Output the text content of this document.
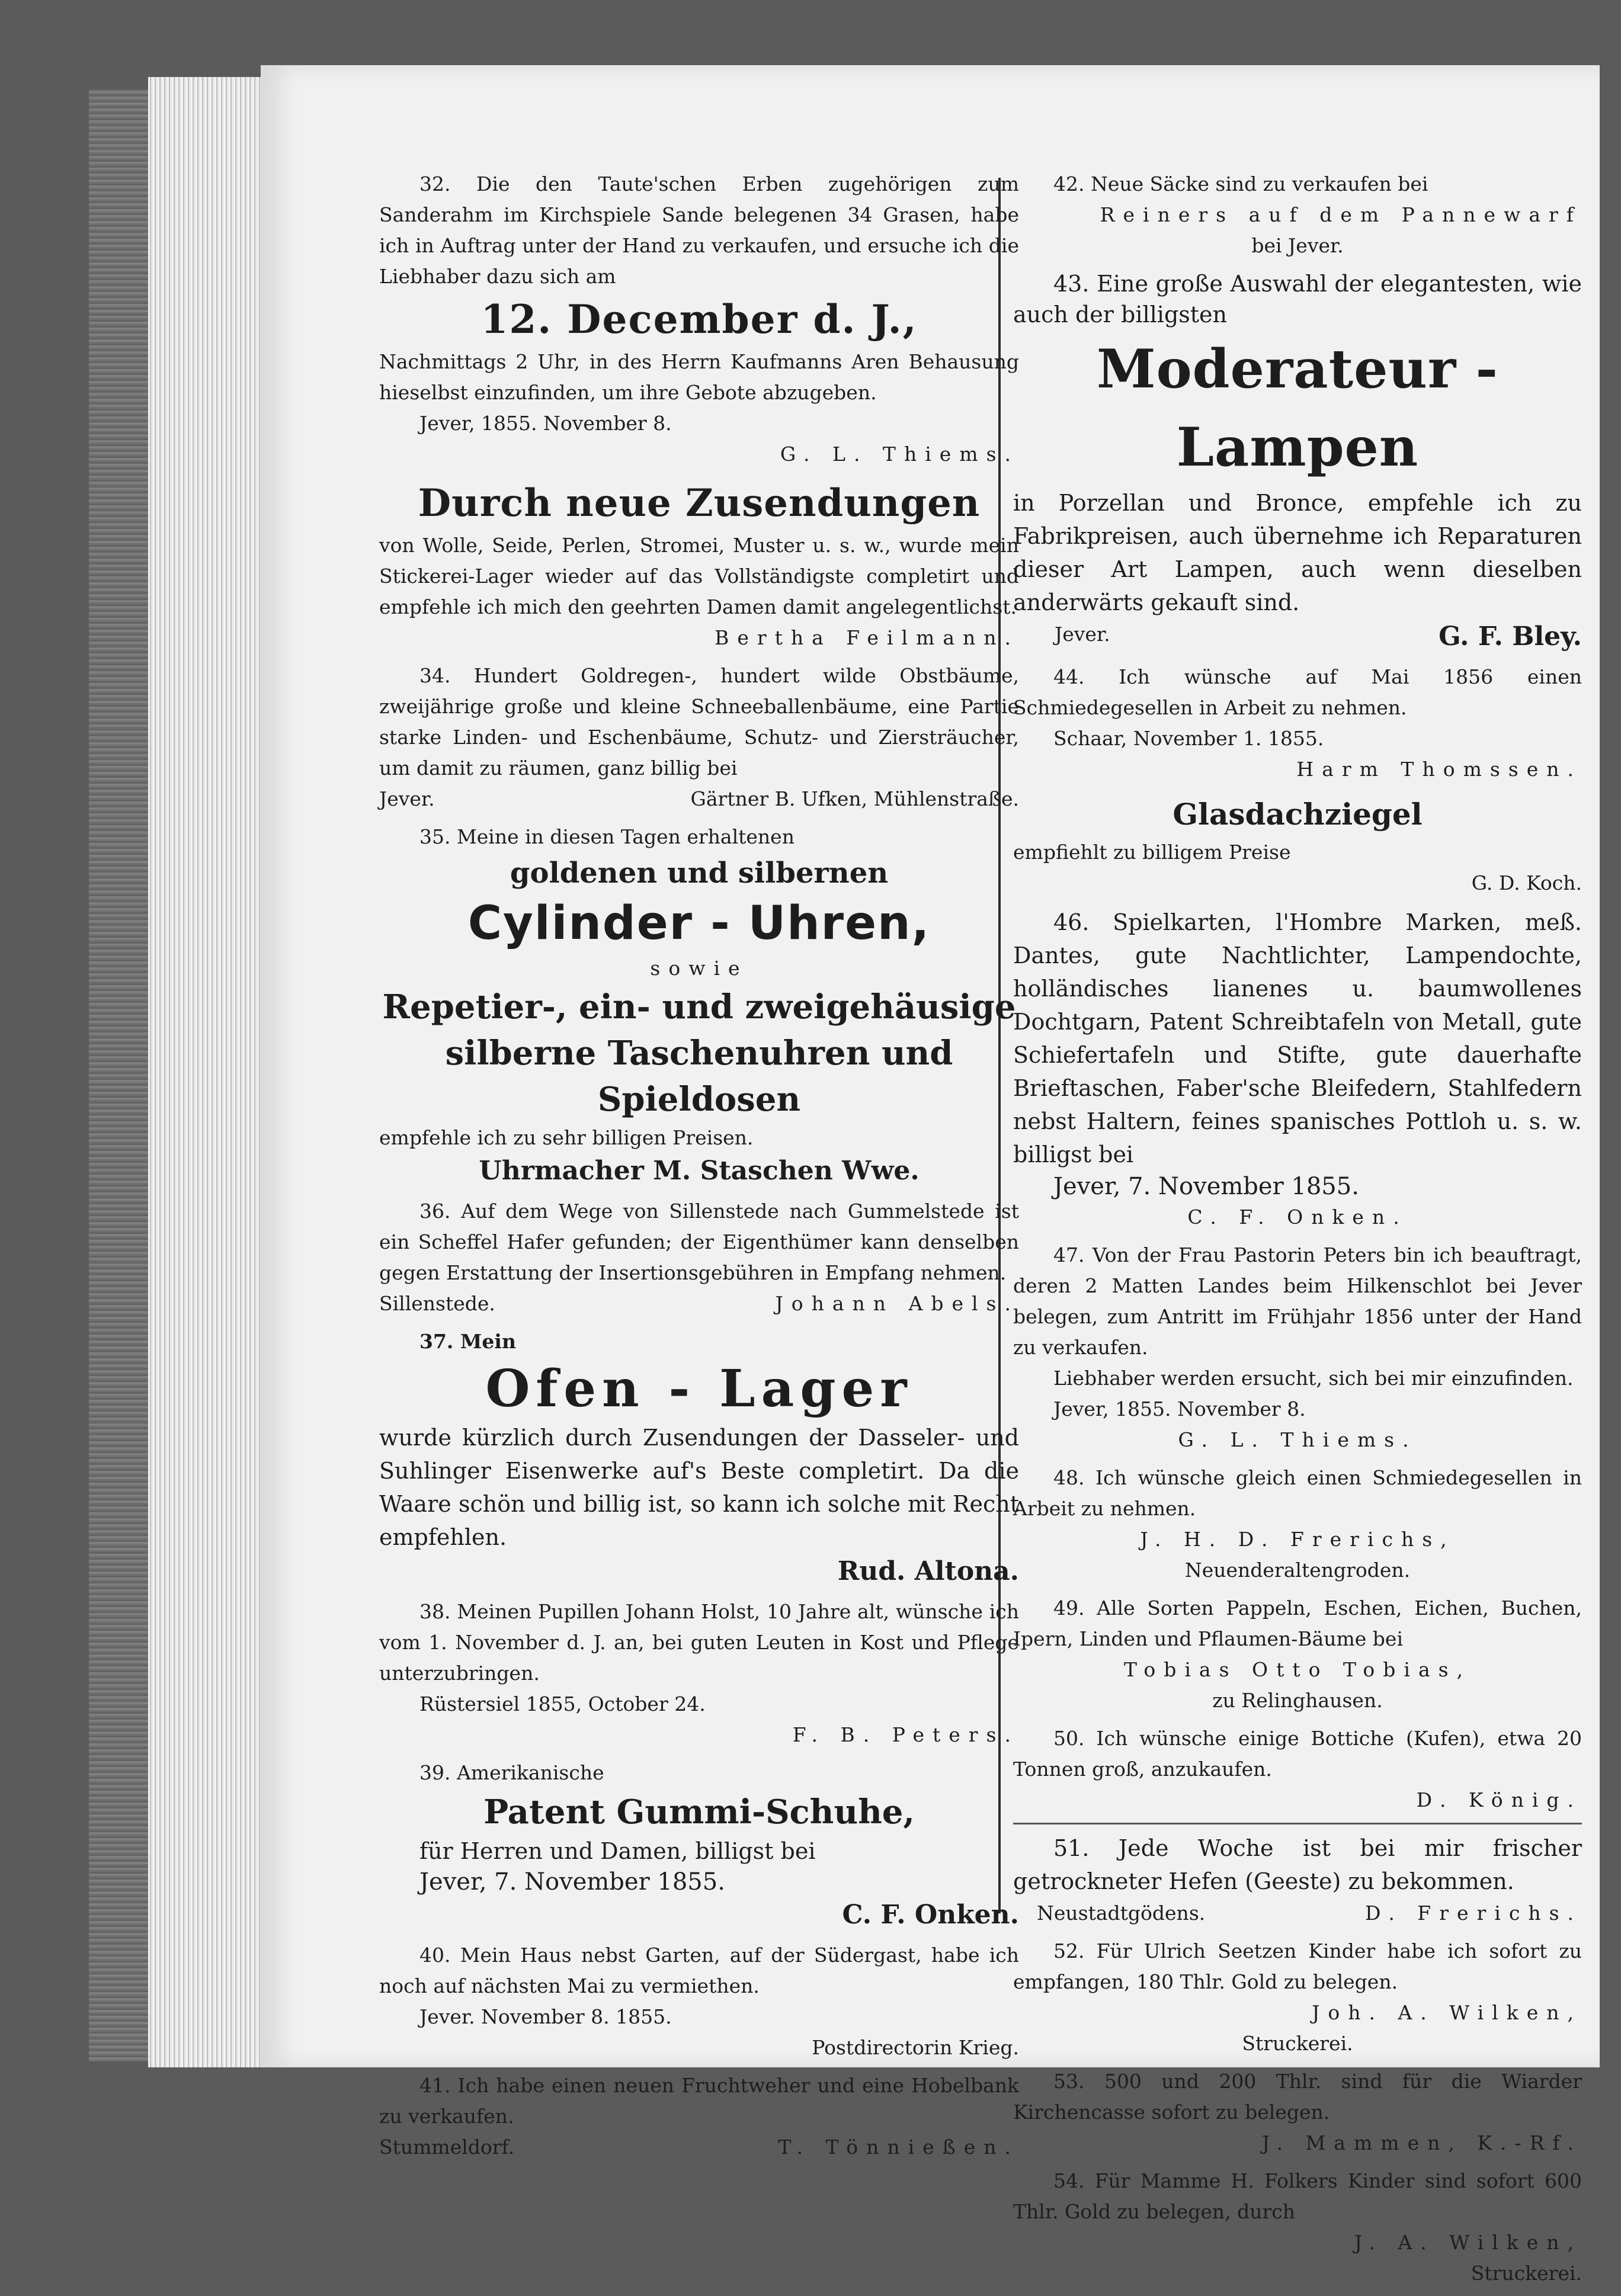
32. Die den Taute'schen Erben zugehörigen zum Sanderahm im Kirchspiele Sande belegenen 34 Grasen, habe ich in Auftrag unter der Hand zu verkaufen, und ersuche ich die Liebhaber dazu sich am

12. December d. J.,

Nachmittags 2 Uhr, in des Herrn Kaufmanns Aren Behausung hieselbst einzufinden, um ihre Gebote abzugeben.

Jever, 1855. November 8.

G. L. Thiems.

Durch neue Zusendungen

von Wolle, Seide, Perlen, Stromei, Muster u. s. w., wurde mein Stickerei-Lager wieder auf das Vollständigste completirt und empfehle ich mich den geehrten Damen damit angelegentlichst.

Bertha Feilmann.

34. Hundert Goldregen-, hundert wilde Obstbäume, zweijährige große und kleine Schneeballenbäume, eine Partie starke Linden- und Eschenbäume, Schutz- und Ziersträucher, um damit zu räumen, ganz billig bei

Jever.	Gärtner B. Ufken, Mühlenstraße.

35. Meine in diesen Tagen erhaltenen

goldenen und silbernen

Cylinder - Uhren,

sowie

Repetier-, ein- und zweigehäusige

silberne Taschenuhren und Spieldosen

empfehle ich zu sehr billigen Preisen.

Uhrmacher M. Staschen Wwe.

36. Auf dem Wege von Sillenstede nach Gummelstede ist ein Scheffel Hafer gefunden; der Eigenthümer kann denselben gegen Erstattung der Insertionsgebühren in Empfang nehmen.

Sillenstede.	Johann Abels.

37. Mein

Ofen - Lager

wurde kürzlich durch Zusendungen der Dasseler- und Suhlinger Eisenwerke auf's Beste completirt. Da die Waare schön und billig ist, so kann ich solche mit Recht empfehlen.

Rud. Altona.

38. Meinen Pupillen Johann Holst, 10 Jahre alt, wünsche ich vom 1. November d. J. an, bei guten Leuten in Kost und Pflege unterzubringen.

Rüstersiel 1855, October 24.

F. B. Peters.

39. Amerikanische

Patent Gummi-Schuhe,

für Herren und Damen, billigst bei

Jever, 7. November 1855.

C. F. Onken.

40. Mein Haus nebst Garten, auf der Südergast, habe ich noch auf nächsten Mai zu vermiethen.

Jever. November 8. 1855.

Postdirectorin Krieg.

41. Ich habe einen neuen Fruchtweher und eine Hobelbank zu verkaufen.

Stummeldorf.	T. Tönnießen.

42. Neue Säcke sind zu verkaufen bei

Reiners auf dem Pannewarf

bei Jever.

43. Eine große Auswahl der elegantesten, wie auch der billigsten

Moderateur - Lampen

in Porzellan und Bronce, empfehle ich zu Fabrikpreisen, auch übernehme ich Reparaturen dieser Art Lampen, auch wenn dieselben anderwärts gekauft sind.

Jever.	G. F. Bley.

44. Ich wünsche auf Mai 1856 einen Schmiedegesellen in Arbeit zu nehmen.

Schaar, November 1. 1855.

Harm Thomssen.

Glasdachziegel

empfiehlt zu billigem Preise

G. D. Koch.

46. Spielkarten, l'Hombre Marken, meß. Dantes, gute Nachtlichter, Lampendochte, holländisches lianenes u. baumwollenes Dochtgarn, Patent Schreibtafeln von Metall, gute Schiefertafeln und Stifte, gute dauerhafte Brieftaschen, Faber'sche Bleifedern, Stahlfedern nebst Haltern, feines spanisches Pottloh u. s. w. billigst bei

Jever, 7. November 1855.

C. F. Onken.

47. Von der Frau Pastorin Peters bin ich beauftragt, deren 2 Matten Landes beim Hilkenschlot bei Jever belegen, zum Antritt im Frühjahr 1856 unter der Hand zu verkaufen.

Liebhaber werden ersucht, sich bei mir einzufinden.

Jever, 1855. November 8.

G. L. Thiems.

48. Ich wünsche gleich einen Schmiedegesellen in Arbeit zu nehmen.

J. H. D. Frerichs,

Neuenderaltengroden.

49. Alle Sorten Pappeln, Eschen, Eichen, Buchen, Ipern, Linden und Pflaumen-Bäume bei

Tobias Otto Tobias,

zu Relinghausen.

50. Ich wünsche einige Bottiche (Kufen), etwa 20 Tonnen groß, anzukaufen.

D. König.

51. Jede Woche ist bei mir frischer getrockneter Hefen (Geeste) zu bekommen.

Neustadtgödens.	D. Frerichs.

52. Für Ulrich Seetzen Kinder habe ich sofort zu empfangen, 180 Thlr. Gold zu belegen.

Joh. A. Wilken,

Struckerei.

53. 500 und 200 Thlr. sind für die Wiarder Kirchencasse sofort zu belegen.

J. Mammen, K.-Rf.

54. Für Mamme H. Folkers Kinder sind sofort 600 Thlr. Gold zu belegen, durch

J. A. Wilken,

Struckerei.
